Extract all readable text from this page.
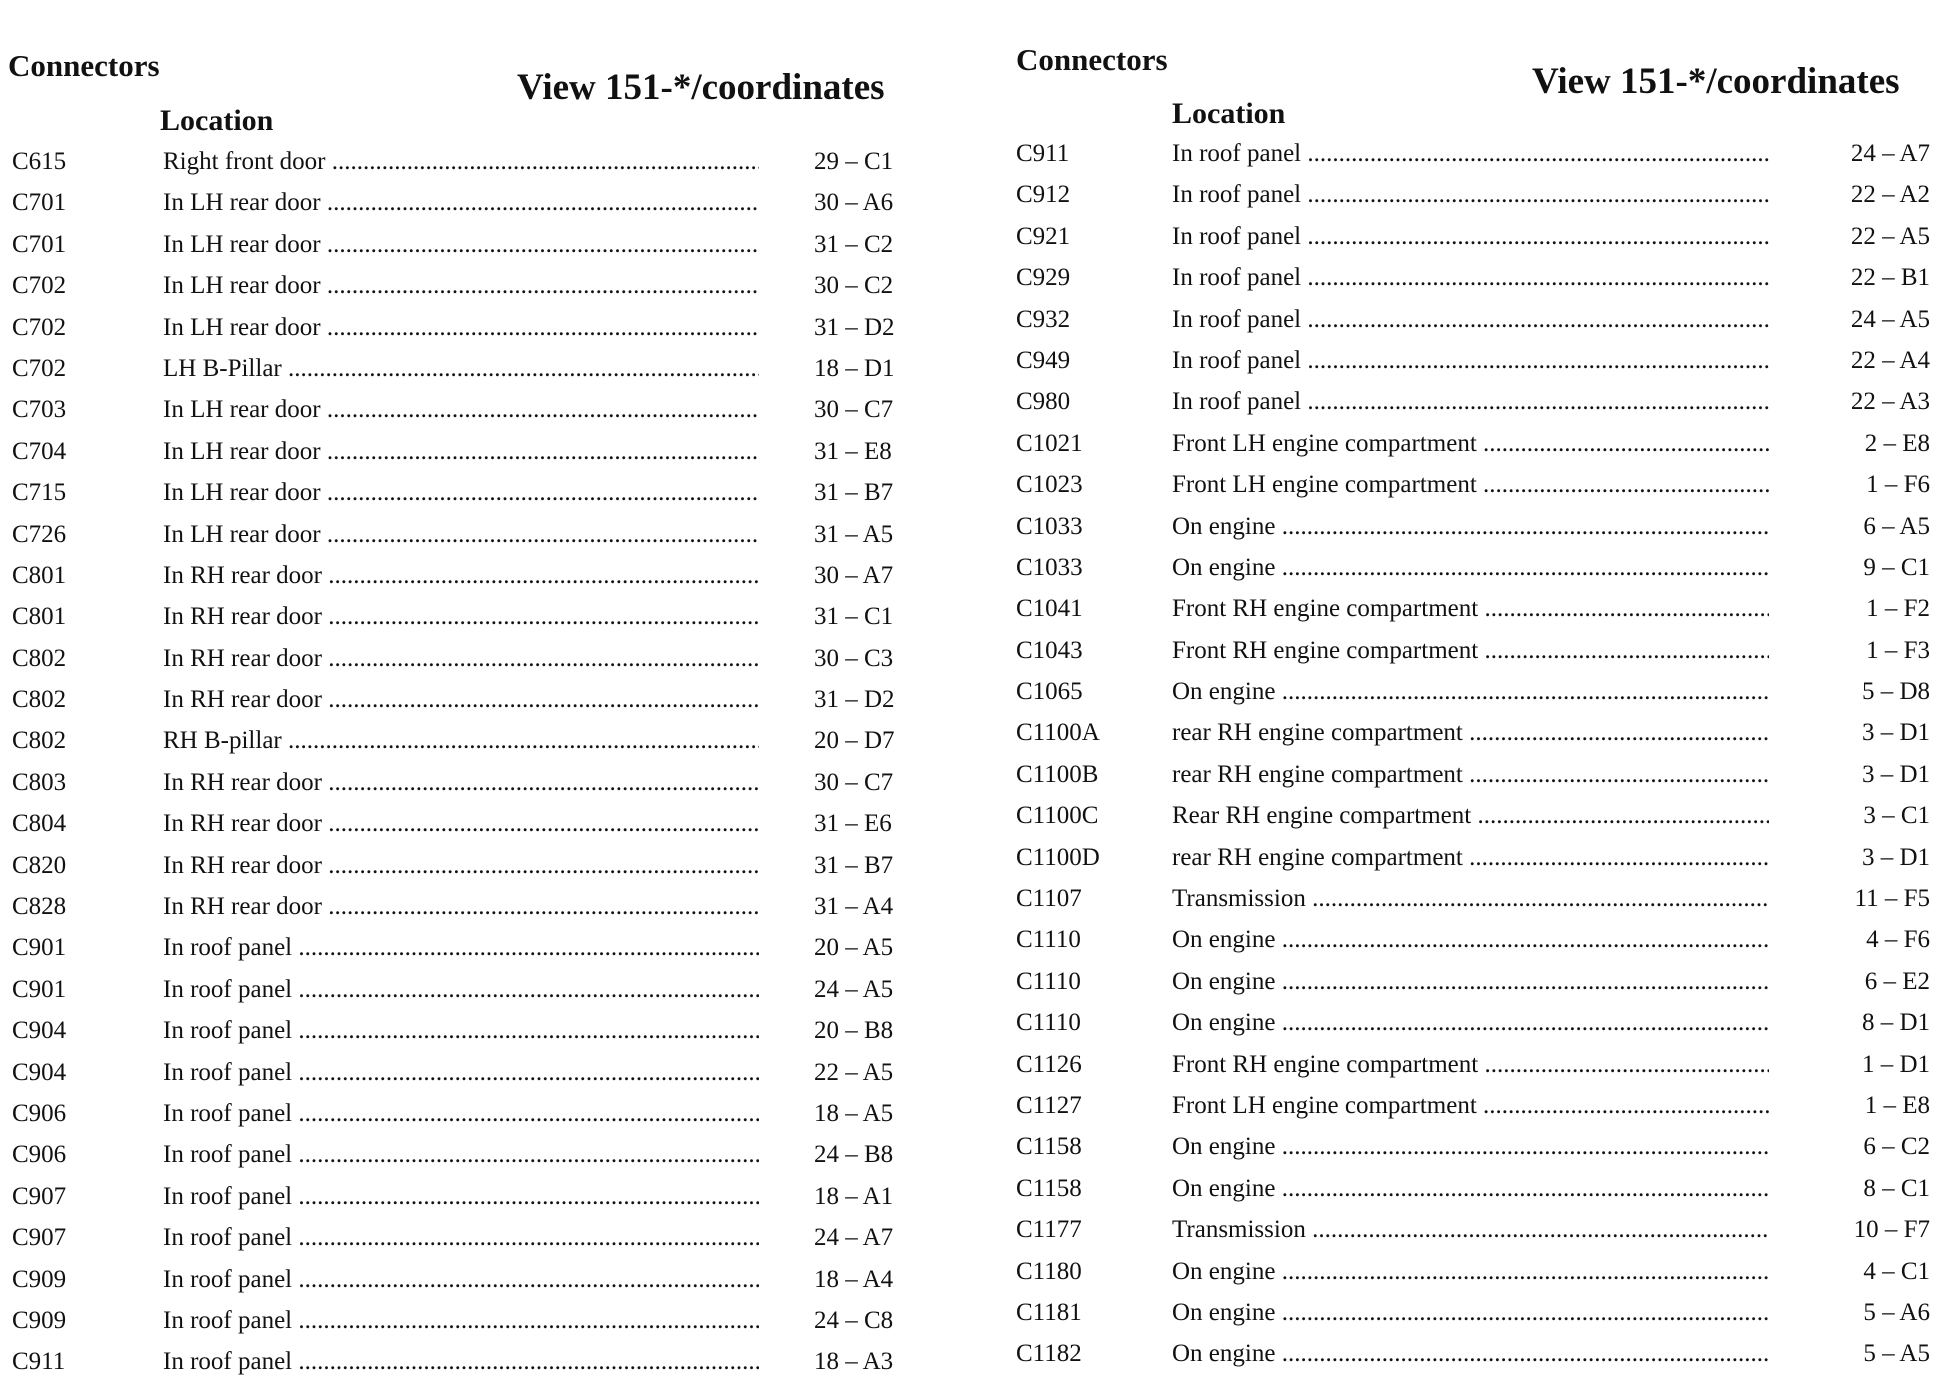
Connectors
View 151-*/coordinates
Location
C615	Right front door .....	29 – C1
C701	In LH rear door .....	30 – A6
C701	In LH rear door .....	31 – C2
C702	In LH rear door .....	30 – C2
C702	In LH rear door .....	31 – D2
C702	LH B-Pillar .....	18 – D1
C703	In LH rear door .....	30 – C7
C704	In LH rear door .....	31 – E8
C715	In LH rear door .....	31 – B7
C726	In LH rear door .....	31 – A5
C801	In RH rear door .....	30 – A7
C801	In RH rear door .....	31 – C1
C802	In RH rear door .....	30 – C3
C802	In RH rear door .....	31 – D2
C802	RH B-pillar .....	20 – D7
C803	In RH rear door .....	30 – C7
C804	In RH rear door .....	31 – E6
C820	In RH rear door .....	31 – B7
C828	In RH rear door .....	31 – A4
C901	In roof panel .....	20 – A5
C901	In roof panel .....	24 – A5
C904	In roof panel .....	20 – B8
C904	In roof panel .....	22 – A5
C906	In roof panel .....	18 – A5
C906	In roof panel .....	24 – B8
C907	In roof panel .....	18 – A1
C907	In roof panel .....	24 – A7
C909	In roof panel .....	18 – A4
C909	In roof panel .....	24 – C8
C911	In roof panel .....	18 – A3
Connectors
View 151-*/coordinates
Location
C911	In roof panel .....	24 – A7
C912	In roof panel .....	22 – A2
C921	In roof panel .....	22 – A5
C929	In roof panel .....	22 – B1
C932	In roof panel .....	24 – A5
C949	In roof panel .....	22 – A4
C980	In roof panel .....	22 – A3
C1021	Front LH engine compartment .....	2 – E8
C1023	Front LH engine compartment .....	1 – F6
C1033	On engine .....	6 – A5
C1033	On engine .....	9 – C1
C1041	Front RH engine compartment .....	1 – F2
C1043	Front RH engine compartment .....	1 – F3
C1065	On engine .....	5 – D8
C1100A	rear RH engine compartment .....	3 – D1
C1100B	rear RH engine compartment .....	3 – D1
C1100C	Rear RH engine compartment .....	3 – C1
C1100D	rear RH engine compartment .....	3 – D1
C1107	Transmission .....	11 – F5
C1110	On engine .....	4 – F6
C1110	On engine .....	6 – E2
C1110	On engine .....	8 – D1
C1126	Front RH engine compartment .....	1 – D1
C1127	Front LH engine compartment .....	1 – E8
C1158	On engine .....	6 – C2
C1158	On engine .....	8 – C1
C1177	Transmission .....	10 – F7
C1180	On engine .....	4 – C1
C1181	On engine .....	5 – A6
C1182	On engine .....	5 – A5
